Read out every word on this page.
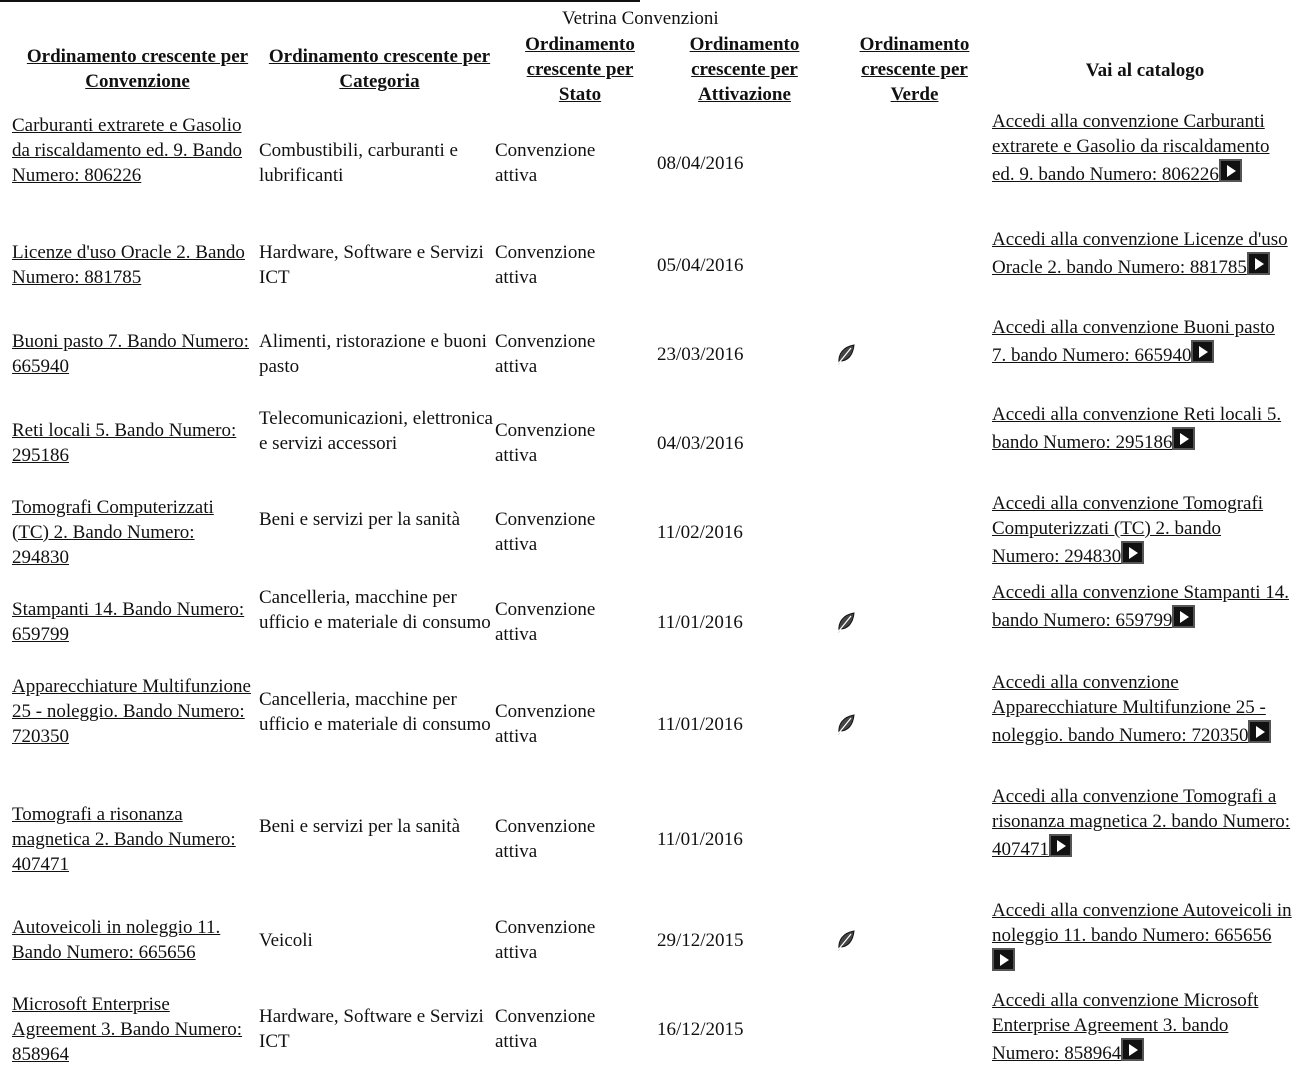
Vetrina Convenzioni
Ordinamento crescente per Convenzione
Ordinamento crescente per Categoria
Ordinamento crescente per Stato
Ordinamento crescente per Attivazione
Ordinamento crescente per Verde
Vai al catalogo
Carburanti extrarete e Gasolio da riscaldamento ed. 9. Bando Numero: 806226
Combustibili, carburanti e lubrificanti
Convenzione attiva
08/04/2016
Accedi alla convenzione Carburanti extrarete e Gasolio da riscaldamento ed. 9. bando Numero: 806226
Licenze d'uso Oracle 2. Bando Numero: 881785
Hardware, Software e Servizi ICT
Convenzione attiva
05/04/2016
Accedi alla convenzione Licenze d'uso Oracle 2. bando Numero: 881785
Buoni pasto 7. Bando Numero: 665940
Alimenti, ristorazione e buoni pasto
Convenzione attiva
23/03/2016
Accedi alla convenzione Buoni pasto 7. bando Numero: 665940
Reti locali 5. Bando Numero: 295186
Telecomunicazioni, elettronica e servizi accessori
Convenzione attiva
04/03/2016
Accedi alla convenzione Reti locali 5. bando Numero: 295186
Tomografi Computerizzati (TC) 2. Bando Numero: 294830
Beni e servizi per la sanità	Convenzione attiva
11/02/2016
Accedi alla convenzione Tomografi Computerizzati (TC) 2. bando Numero: 294830
Stampanti 14. Bando Numero: 659799
Cancelleria, macchine per ufficio e materiale di consumo
Convenzione attiva
11/01/2016
Accedi alla convenzione Stampanti 14. bando Numero: 659799
Apparecchiature Multifunzione 25 - noleggio. Bando Numero: 720350
Cancelleria, macchine per ufficio e materiale di consumo
Convenzione attiva
11/01/2016
Accedi alla convenzione Apparecchiature Multifunzione 25 - noleggio. bando Numero: 720350
Tomografi a risonanza magnetica 2. Bando Numero: 407471
Beni e servizi per la sanità	Convenzione attiva
11/01/2016
Accedi alla convenzione Tomografi a risonanza magnetica 2. bando Numero: 407471
Autoveicoli in noleggio 11. Bando Numero: 665656
Veicoli
Convenzione attiva
29/12/2015
Accedi alla convenzione Autoveicoli in noleggio 11. bando Numero: 665656
Microsoft Enterprise Agreement 3. Bando Numero: 858964
Hardware, Software e Servizi ICT
Convenzione attiva
16/12/2015
Accedi alla convenzione Microsoft Enterprise Agreement 3. bando Numero: 858964
